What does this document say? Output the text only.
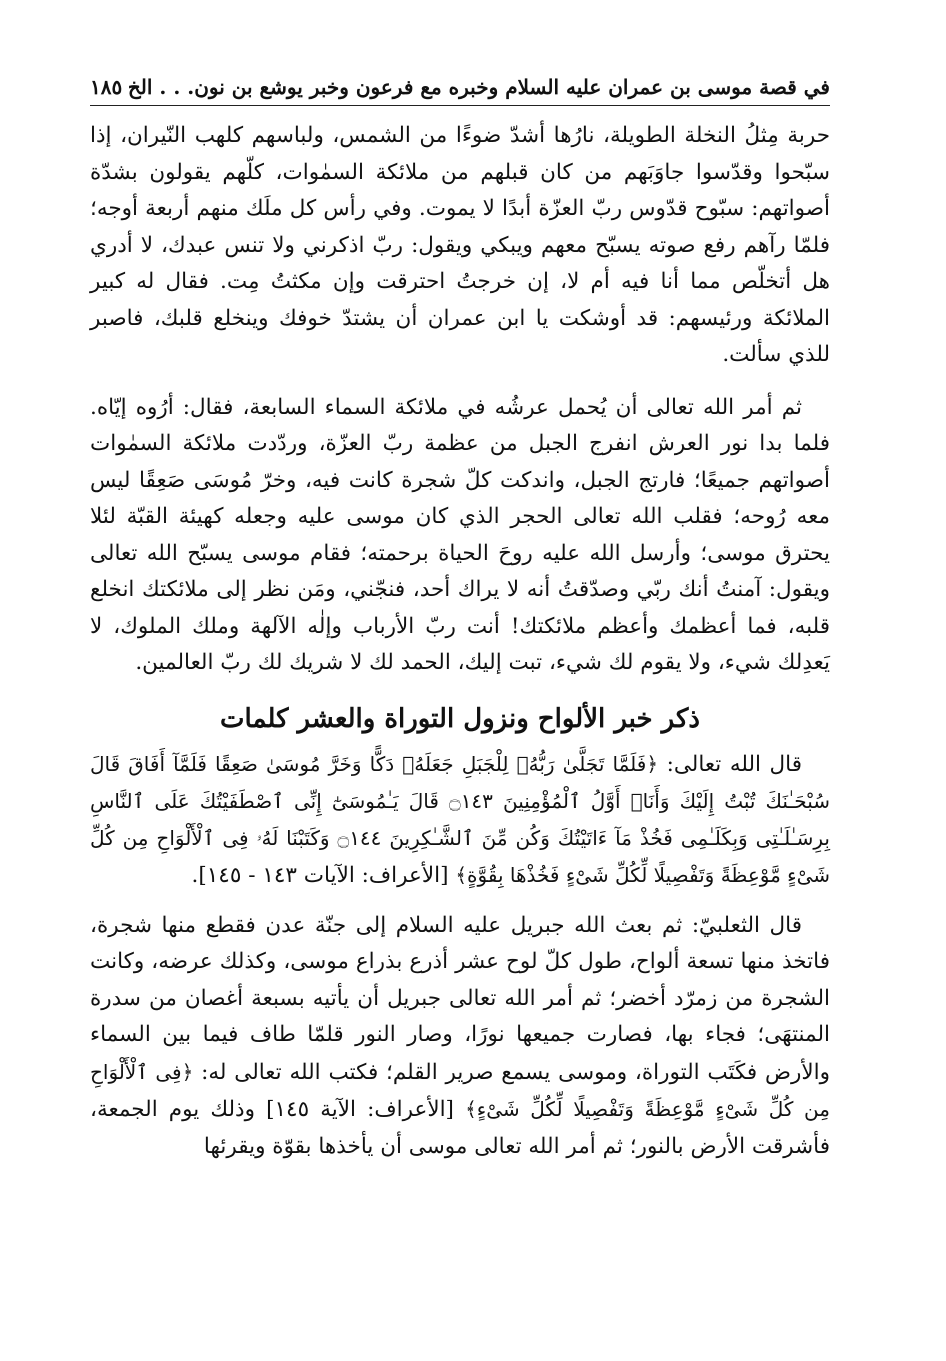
في قصة موسى بن عمران عليه السلام وخبره مع فرعون وخبر يوشع بن نون. . . الخ
١٨٥

حربة مِثلُ النخلة الطويلة، نارُها أشدّ ضوءًا من الشمس، ولباسهم كلهب النّيران، إذا سبّحوا وقدّسوا جاوَبَهم من كان قبلهم من ملائكة السمٰوات، كلّهم يقولون بشدّة أصواتهم: سبّوح قدّوس ربّ العزّة أبدًا لا يموت. وفي رأس كل ملَك منهم أربعة أوجه؛ فلمّا رآهم رفع صوته يسبّح معهم ويبكي ويقول: ربّ اذكرني ولا تنس عبدك، لا أدري هل أتخلّص مما أنا فيه أم لا، إن خرجتُ احترقت وإن مكثتُ مِت. فقال له كبير الملائكة ورئيسهم: قد أوشكت يا ابن عمران أن يشتدّ خوفك وينخلع قلبك، فاصبر للذي سألت.

ثم أمر الله تعالى أن يُحمل عرشُه في ملائكة السماء السابعة، فقال: أرُوه إيّاه. فلما بدا نور العرش انفرج الجبل من عظمة ربّ العزّة، وردّدت ملائكة السمٰوات أصواتهم جميعًا؛ فارتج الجبل، واندكت كلّ شجرة كانت فيه، وخرّ مُوسَى صَعِقًا ليس معه رُوحه؛ فقلب الله تعالى الحجر الذي كان موسى عليه وجعله كهيئة القبّة لئلا يحترق موسى؛ وأرسل الله عليه روحَ الحياة برحمته؛ فقام موسى يسبّح الله تعالى ويقول: آمنتُ أنك ربّي وصدّقتُ أنه لا يراك أحد، فنجّني، ومَن نظر إلى ملائكتك انخلع قلبه، فما أعظمك وأعظم ملائكتك! أنت ربّ الأرباب وإلٰه الآلهة وملك الملوك، لا يَعدِلك شيء، ولا يقوم لك شيء، تبت إليك، الحمد لك لا شريك لك ربّ العالمين.

ذكر خبر الألواح ونزول التوراة والعشر كلمات

قال الله تعالى: ﴿فَلَمَّا تَجَلَّىٰ رَبُّهُۥ لِلْجَبَلِ جَعَلَهُۥ دَكًّا وَخَرَّ مُوسَىٰ صَعِقًا فَلَمَّآ أَفَاقَ قَالَ سُبْحَـٰنَكَ تُبْتُ إِلَيْكَ وَأَنَا۠ أَوَّلُ ٱلْمُؤْمِنِينَ ۝١٤٣ قَالَ يَـٰمُوسَىٰٓ إِنِّى ٱصْطَفَيْتُكَ عَلَى ٱلنَّاسِ بِرِسَـٰلَـٰتِى وَبِكَلَـٰمِى فَخُذْ مَآ ءَاتَيْتُكَ وَكُن مِّنَ ٱلشَّـٰكِرِينَ ۝١٤٤ وَكَتَبْنَا لَهُۥ فِى ٱلْأَلْوَاحِ مِن كُلِّ شَىْءٍ مَّوْعِظَةً وَتَفْصِيلًا لِّكُلِّ شَىْءٍ فَخُذْهَا بِقُوَّةٍ﴾ [الأعراف: الآيات ١٤٣ - ١٤٥].

قال الثعلبيّ: ثم بعث الله جبريل عليه السلام إلى جنّة عدن فقطع منها شجرة، فاتخذ منها تسعة ألواح، طول كلّ لوح عشر أذرع بذراع موسى، وكذلك عرضه، وكانت الشجرة من زمرّد أخضر؛ ثم أمر الله تعالى جبريل أن يأتيه بسبعة أغصان من سدرة المنتهَى؛ فجاء بها، فصارت جميعها نورًا، وصار النور قلمّا طاف فيما بين السماء والأرض فكَتَب التوراة، وموسى يسمع صرير القلم؛ فكتب الله تعالى له: ﴿فِى ٱلْأَلْوَاحِ مِن كُلِّ شَىْءٍ مَّوْعِظَةً وَتَفْصِيلًا لِّكُلِّ شَىْءٍ﴾ [الأعراف: الآية ١٤٥] وذلك يوم الجمعة، فأشرقت الأرض بالنور؛ ثم أمر الله تعالى موسى أن يأخذها بقوّة ويقرئها
